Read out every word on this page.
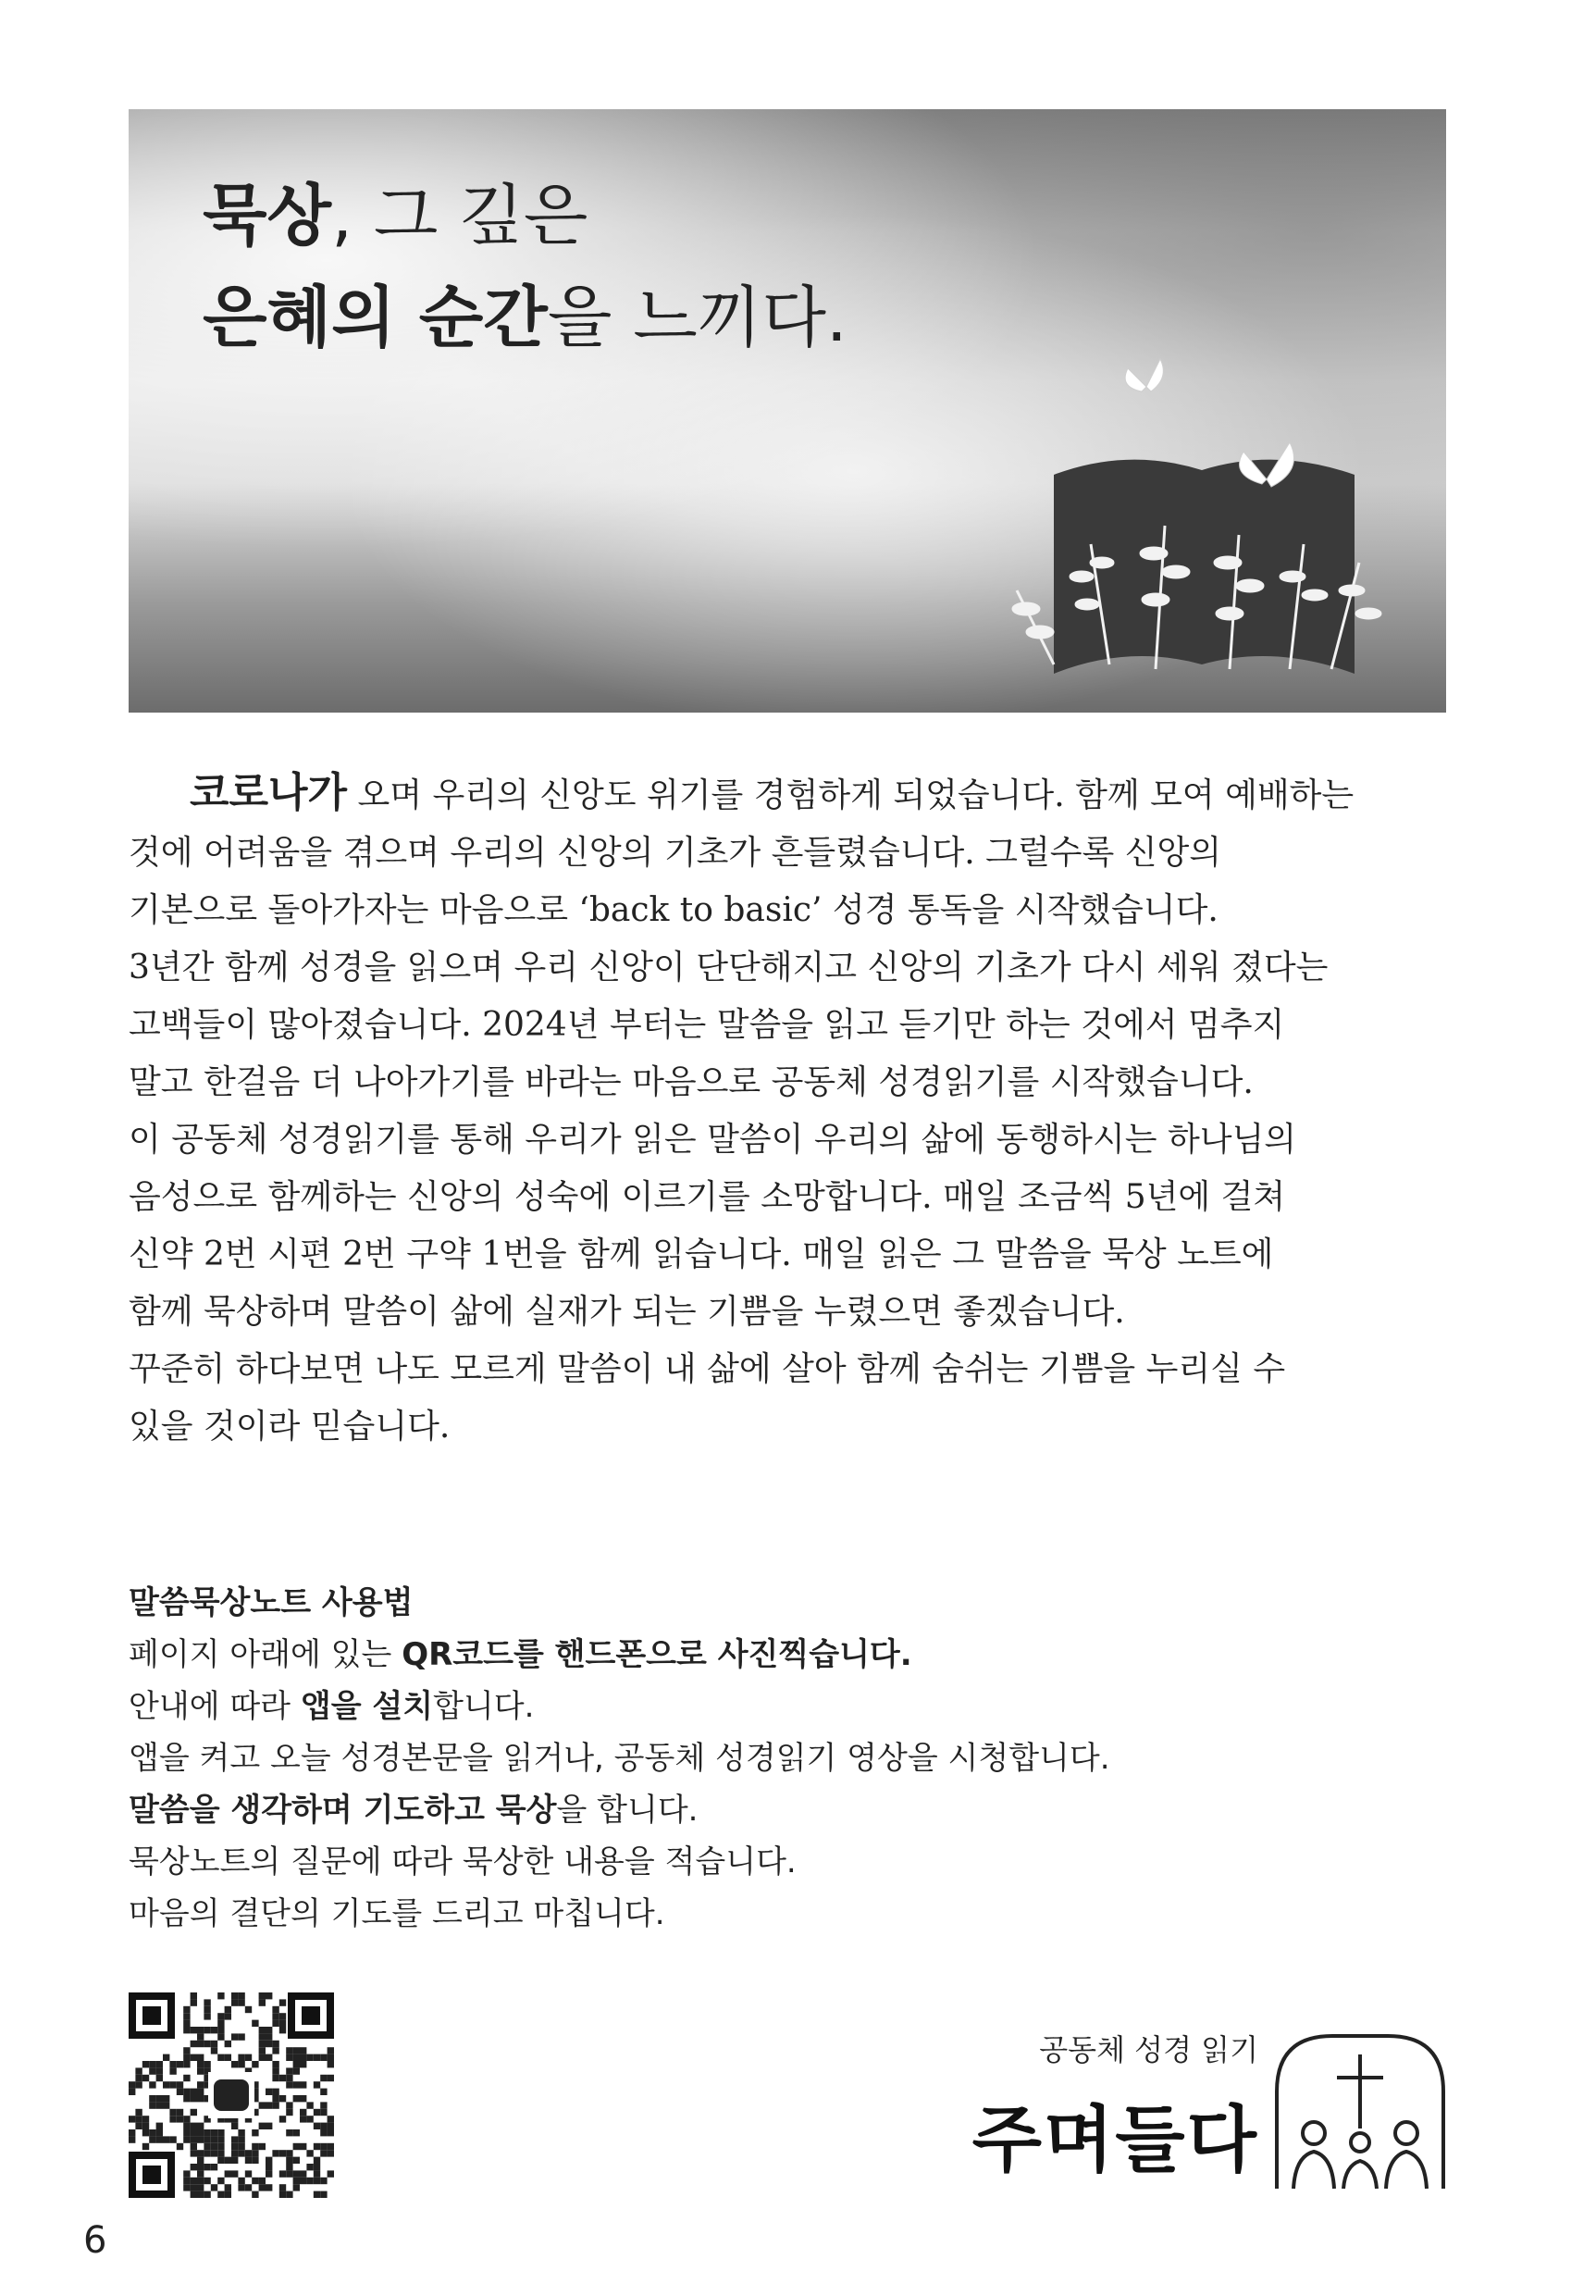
묵상, 그 깊은
은혜의 순간을 느끼다.

코로나가 오며 우리의 신앙도 위기를 경험하게 되었습니다. 함께 모여 예배하는

것에 어려움을 겪으며 우리의 신앙의 기초가 흔들렸습니다. 그럴수록 신앙의

기본으로 돌아가자는 마음으로 ‘back to basic’ 성경 통독을 시작했습니다.

3년간 함께 성경을 읽으며 우리 신앙이 단단해지고 신앙의 기초가 다시 세워 졌다는

고백들이 많아졌습니다. 2024년 부터는 말씀을 읽고 듣기만 하는 것에서 멈추지

말고 한걸음 더 나아가기를 바라는 마음으로 공동체 성경읽기를 시작했습니다.

이 공동체 성경읽기를 통해 우리가 읽은 말씀이 우리의 삶에 동행하시는 하나님의

음성으로 함께하는 신앙의 성숙에 이르기를 소망합니다. 매일 조금씩 5년에 걸쳐

신약 2번 시편 2번 구약 1번을 함께 읽습니다. 매일 읽은 그 말씀을 묵상 노트에

함께 묵상하며 말씀이 삶에 실재가 되는 기쁨을 누렸으면 좋겠습니다.

꾸준히 하다보면 나도 모르게 말씀이 내 삶에 살아 함께 숨쉬는 기쁨을 누리실 수

있을 것이라 믿습니다.

말씀묵상노트 사용법

페이지 아래에 있는 QR코드를 핸드폰으로 사진찍습니다.

안내에 따라 앱을 설치합니다.

앱을 켜고 오늘 성경본문을 읽거나, 공동체 성경읽기 영상을 시청합니다.

말씀을 생각하며 기도하고 묵상을 합니다.

묵상노트의 질문에 따라 묵상한 내용을 적습니다.

마음의 결단의 기도를 드리고 마칩니다.

6
공동체 성경 읽기
주며들다
